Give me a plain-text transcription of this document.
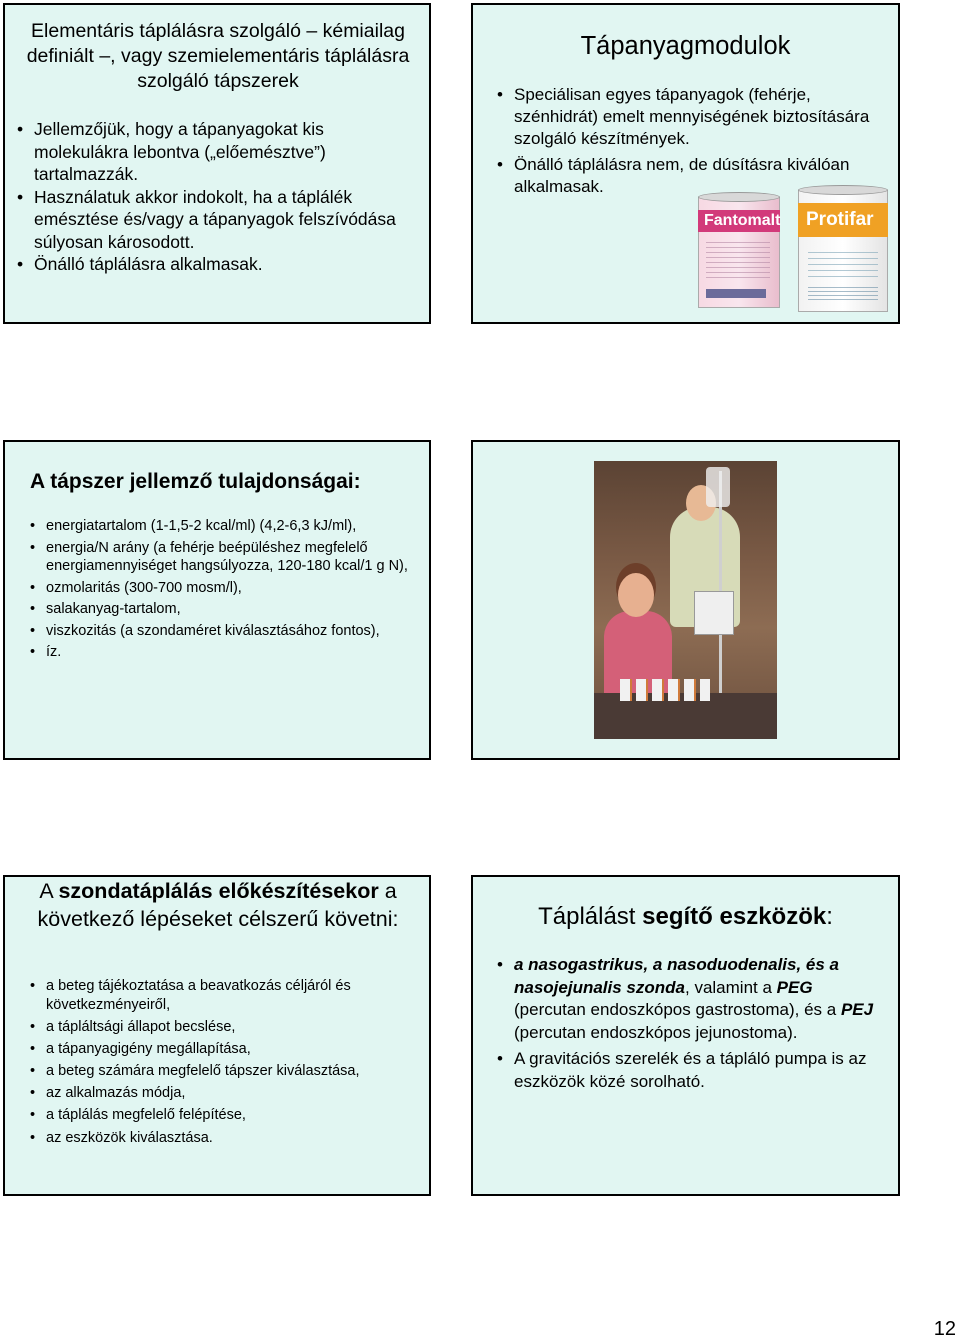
Elementáris táplálásra szolgáló – kémiailag definiált –, vagy szemielementáris táplálásra szolgáló tápszerek
• Jellemzőjük, hogy a tápanyagokat kis molekulákra lebontva („előemésztve”) tartalmazzák.
• Használatuk akkor indokolt, ha a táplálék emésztése és/vagy a tápanyagok felszívódása súlyosan károsodott.
• Önálló táplálásra alkalmasak.
Tápanyagmodulok
• Speciálisan egyes tápanyagok (fehérje, szénhidrát) emelt mennyiségének biztosítására szolgáló készítmények.
• Önálló táplálásra nem, de dúsításra kiválóan alkalmasak.
Fantomalt Protifar
A tápszer jellemző tulajdonságai:
• energiatartalom (1-1,5-2 kcal/ml) (4,2-6,3 kJ/ml),
• energia/N arány (a fehérje beépüléshez megfelelő energiamennyiséget hangsúlyozza, 120-180 kcal/1 g N),
• ozmolaritás (300-700 mosm/l),
• salakanyag-tartalom,
• viszkozitás (a szondaméret kiválasztásához fontos),
• íz.
A szondatáplálás előkészítésekor a következő lépéseket célszerű követni:
• a beteg tájékoztatása a beavatkozás céljáról és következményeiről,
• a tápláltsági állapot becslése,
• a tápanyagigény megállapítása,
• a beteg számára megfelelő tápszer kiválasztása,
• az alkalmazás módja,
• a táplálás megfelelő felépítése,
• az eszközök kiválasztása.
Táplálást segítő eszközök:
• a nasogastrikus, a nasoduodenalis, és a nasojejunalis szonda, valamint a PEG (percutan endoszkópos gastrostoma), és a PEJ (percutan endoszkópos jejunostoma).
• A gravitációs szerelék és a tápláló pumpa is az eszközök közé sorolható.
12
